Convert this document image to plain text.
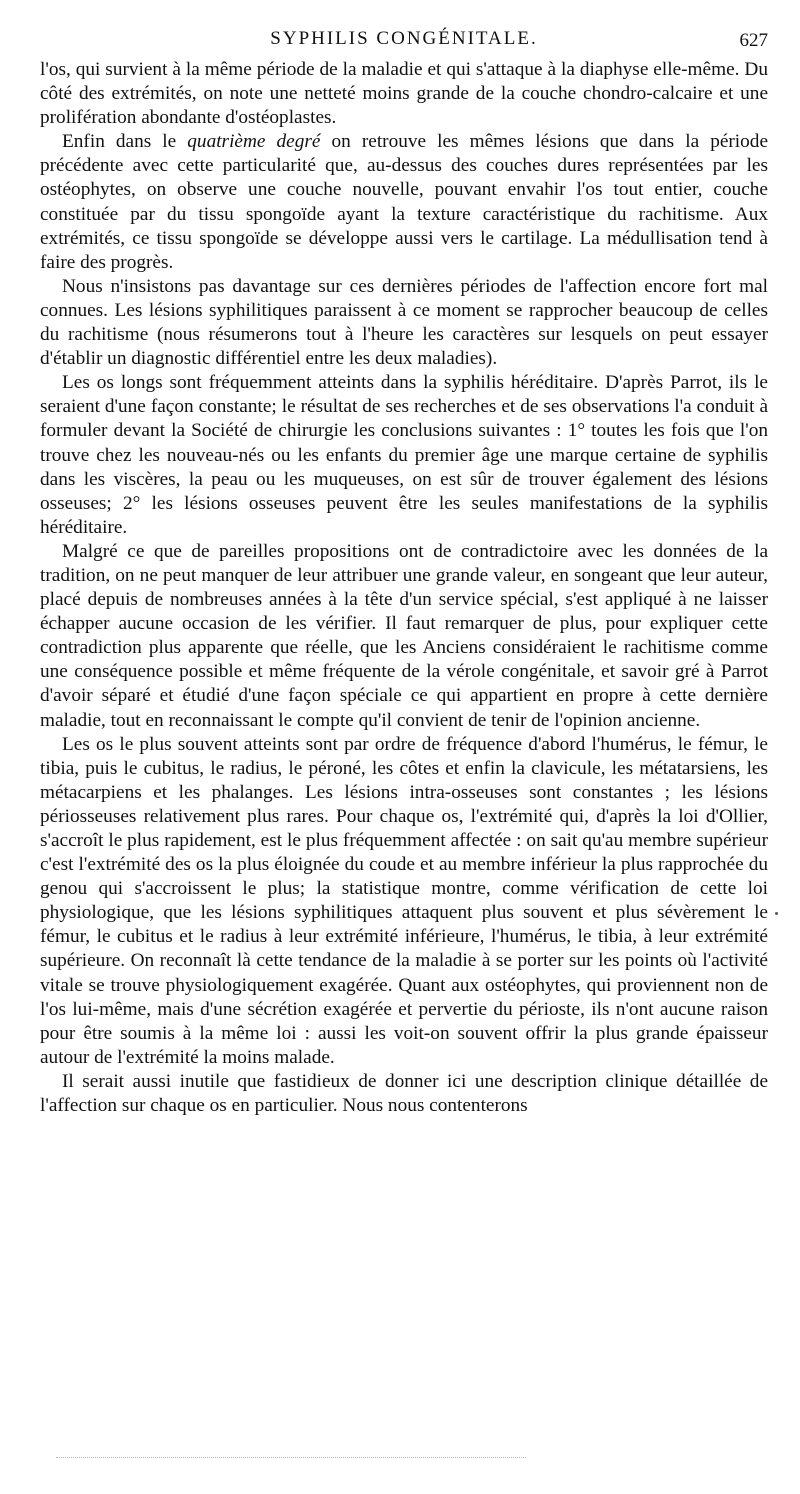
SYPHILIS CONGÉNITALE.	627

l'os, qui survient à la même période de la maladie et qui s'attaque à la diaphyse elle-même. Du côté des extrémités, on note une netteté moins grande de la couche chondro-calcaire et une prolifération abondante d'ostéoplastes.

Enfin dans le quatrième degré on retrouve les mêmes lésions que dans la période précédente avec cette particularité que, au-dessus des couches dures représentées par les ostéophytes, on observe une couche nouvelle, pouvant envahir l'os tout entier, couche constituée par du tissu spongoïde ayant la texture caractéristique du rachitisme. Aux extrémités, ce tissu spongoïde se développe aussi vers le cartilage. La médullisation tend à faire des progrès.

Nous n'insistons pas davantage sur ces dernières périodes de l'affection encore fort mal connues. Les lésions syphilitiques paraissent à ce moment se rapprocher beaucoup de celles du rachitisme (nous résumerons tout à l'heure les caractères sur lesquels on peut essayer d'établir un diagnostic différentiel entre les deux maladies).

Les os longs sont fréquemment atteints dans la syphilis héréditaire. D'après Parrot, ils le seraient d'une façon constante; le résultat de ses recherches et de ses observations l'a conduit à formuler devant la Société de chirurgie les conclusions suivantes : 1° toutes les fois que l'on trouve chez les nouveau-nés ou les enfants du premier âge une marque certaine de syphilis dans les viscères, la peau ou les muqueuses, on est sûr de trouver également des lésions osseuses; 2° les lésions osseuses peuvent être les seules manifestations de la syphilis héréditaire.

Malgré ce que de pareilles propositions ont de contradictoire avec les données de la tradition, on ne peut manquer de leur attribuer une grande valeur, en songeant que leur auteur, placé depuis de nombreuses années à la tête d'un service spécial, s'est appliqué à ne laisser échapper aucune occasion de les vérifier. Il faut remarquer de plus, pour expliquer cette contradiction plus apparente que réelle, que les Anciens considéraient le rachitisme comme une conséquence possible et même fréquente de la vérole congénitale, et savoir gré à Parrot d'avoir séparé et étudié d'une façon spéciale ce qui appartient en propre à cette dernière maladie, tout en reconnaissant le compte qu'il convient de tenir de l'opinion ancienne.

Les os le plus souvent atteints sont par ordre de fréquence d'abord l'humérus, le fémur, le tibia, puis le cubitus, le radius, le péroné, les côtes et enfin la clavicule, les métatarsiens, les métacarpiens et les phalanges. Les lésions intra-osseuses sont constantes ; les lésions périosseuses relativement plus rares. Pour chaque os, l'extrémité qui, d'après la loi d'Ollier, s'accroît le plus rapidement, est le plus fréquemment affectée : on sait qu'au membre supérieur c'est l'extrémité des os la plus éloignée du coude et au membre inférieur la plus rapprochée du genou qui s'accroissent le plus; la statistique montre, comme vérification de cette loi physiologique, que les lésions syphilitiques attaquent plus souvent et plus sévèrement le fémur, le cubitus et le radius à leur extrémité inférieure, l'humérus, le tibia, à leur extrémité supérieure. On reconnaît là cette tendance de la maladie à se porter sur les points où l'activité vitale se trouve physiologiquement exagérée. Quant aux ostéophytes, qui proviennent non de l'os lui-même, mais d'une sécrétion exagérée et pervertie du périoste, ils n'ont aucune raison pour être soumis à la même loi : aussi les voit-on souvent offrir la plus grande épaisseur autour de l'extrémité la moins malade.

Il serait aussi inutile que fastidieux de donner ici une description clinique détaillée de l'affection sur chaque os en particulier. Nous nous contenterons
